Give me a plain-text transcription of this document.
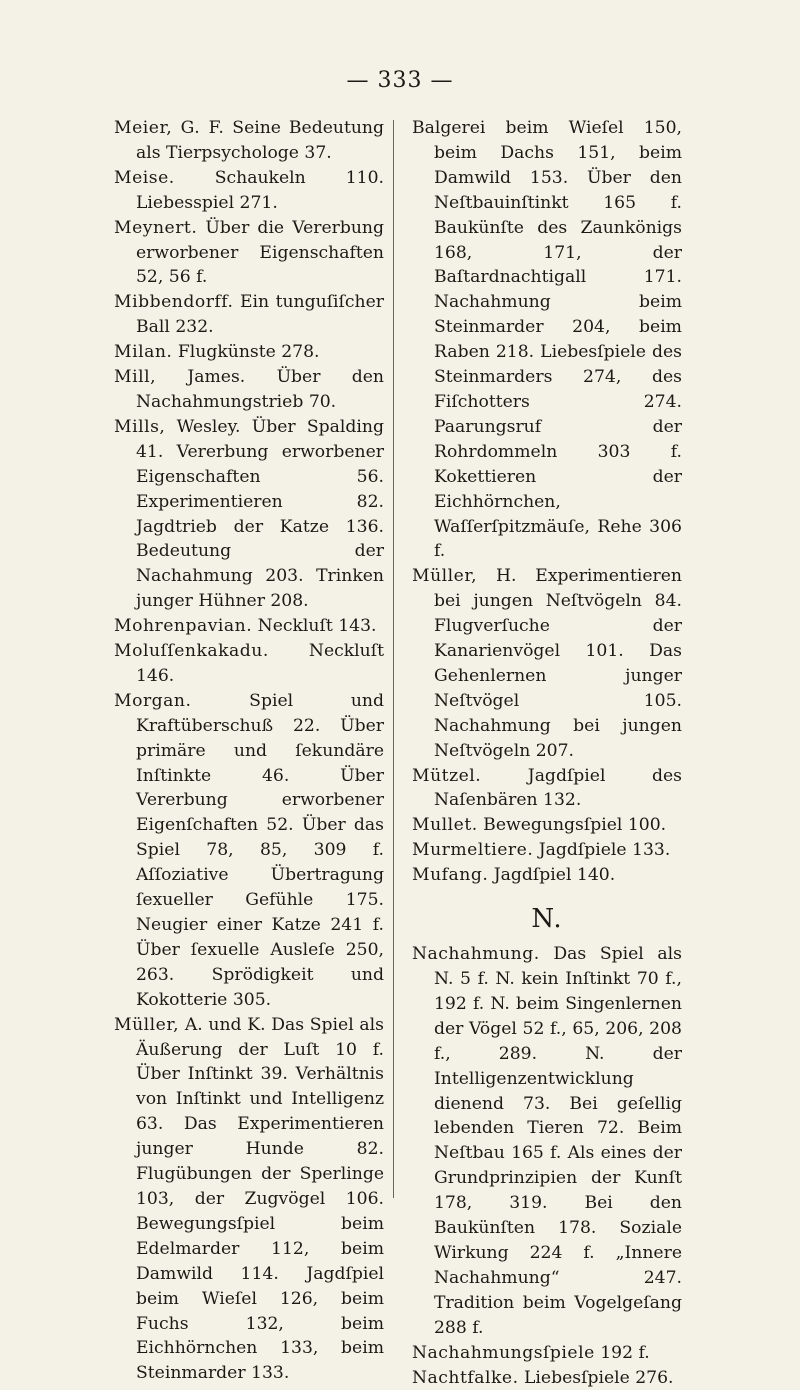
— 333 —

Meier, G. F. Seine Bedeutung als Tierpsychologe 37.

Meise. Schaukeln 110. Liebesspiel 271.

Meynert. Über die Vererbung erworbener Eigenschaften 52, 56 f.

Mibbendorff. Ein tunguſiſcher Ball 232.

Milan. Flugkünste 278.

Mill, James. Über den Nachahmungstrieb 70.

Mills, Wesley. Über Spalding 41. Vererbung erworbener Eigenschaften 56. Experimentieren 82. Jagdtrieb der Katze 136. Bedeutung der Nachahmung 203. Trinken junger Hühner 208.

Mohrenpavian. Neckluſt 143.

Moluſſenkakadu. Neckluſt 146.

Morgan. Spiel und Kraftüberschuß 22. Über primäre und ſekundäre Inſtinkte 46. Über Vererbung erworbener Eigenſchaften 52. Über das Spiel 78, 85, 309 f. Aſſoziative Übertragung ſexueller Gefühle 175. Neugier einer Katze 241 f. Über ſexuelle Ausleſe 250, 263. Sprödigkeit und Kokotterie 305.

Müller, A. und K. Das Spiel als Äußerung der Luſt 10 f. Über Inſtinkt 39. Verhältnis von Inſtinkt und Intelligenz 63. Das Experimentieren junger Hunde 82. Flugübungen der Sperlinge 103, der Zugvögel 106. Bewegungsſpiel beim Edelmarder 112, beim Damwild 114. Jagdſpiel beim Wieſel 126, beim Fuchs 132, beim Eichhörnchen 133, beim Steinmarder 133.

Balgerei beim Wieſel 150, beim Dachs 151, beim Damwild 153. Über den Neſtbauinſtinkt 165 f. Baukünſte des Zaunkönigs 168, 171, der Baſtardnachtigall 171. Nachahmung beim Steinmarder 204, beim Raben 218. Liebesſpiele des Steinmarders 274, des Fiſchotters 274. Paarungsruf der Rohrdommeln 303 f. Kokettieren der Eichhörnchen, Waſſerſpitzmäuſe, Rehe 306 f.

Müller, H. Experimentieren bei jungen Neſtvögeln 84. Flugverſuche der Kanarienvögel 101. Das Gehenlernen junger Neſtvögel 105. Nachahmung bei jungen Neſtvögeln 207.

Mützel. Jagdſpiel des Naſenbären 132.

Mullet. Bewegungsſpiel 100.

Murmeltiere. Jagdſpiele 133.

Mufang. Jagdſpiel 140.

N.

Nachahmung. Das Spiel als N. 5 f. N. kein Inſtinkt 70 f., 192 f. N. beim Singenlernen der Vögel 52 f., 65, 206, 208 f., 289. N. der Intelligenzentwicklung dienend 73. Bei geſellig lebenden Tieren 72. Beim Neſtbau 165 f. Als eines der Grundprinzipien der Kunſt 178, 319. Bei den Baukünſten 178. Soziale Wirkung 224 f. „Innere Nachahmung“ 247. Tradition beim Vogelgeſang 288 f.

Nachahmungsſpiele 192 f.

Nachtfalke. Liebesſpiele 276.
